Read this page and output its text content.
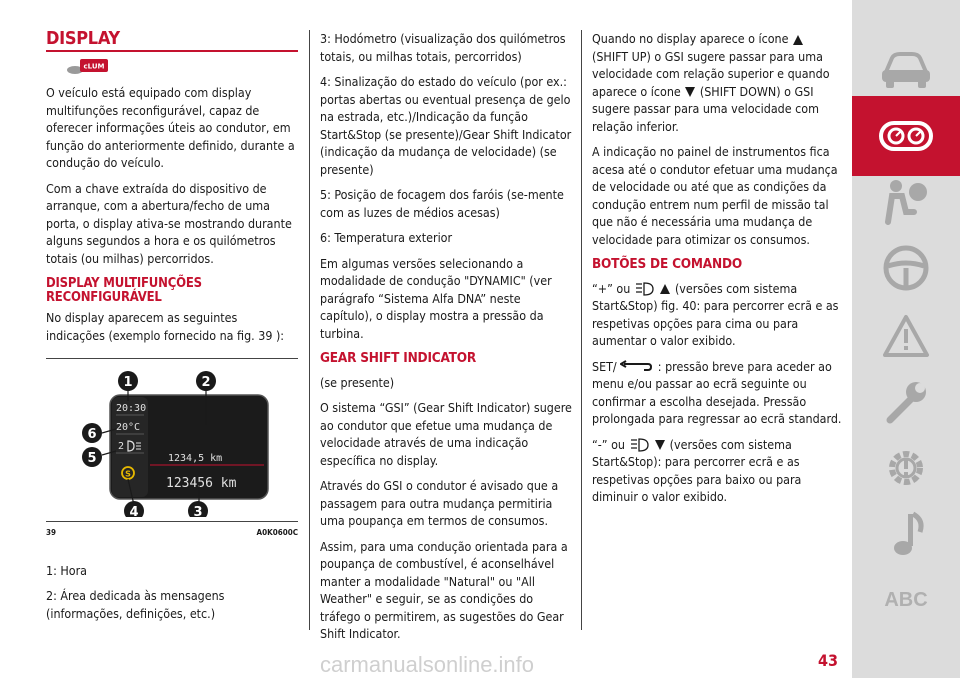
DISPLAY
cLUM

O veículo está equipado com display multifunções reconfigurável, capaz de oferecer informações úteis ao condutor, em função do anteriormente definido, durante a condução do veículo.

Com a chave extraída do dispositivo de arranque, com a abertura/fecho de uma porta, o display ativa-se mostrando durante alguns segundos a hora e os quilómetros totais (ou milhas) percorridos.

DISPLAY MULTIFUNÇÕES RECONFIGURÁVEL

No display aparecem as seguintes indicações (exemplo fornecido na fig. 39 ):

20:30
20°C
2
S
1234,5 km
123456 km
1	2
3
4
5
6
39	A0K0600C

1: Hora

2: Área dedicada às mensagens (informações, definições, etc.)

3: Hodómetro (visualização dos quilómetros totais, ou milhas totais, percorridos)

4: Sinalização do estado do veículo (por ex.: portas abertas ou eventual presença de gelo na estrada, etc.)/Indicação da função Start&Stop (se presente)/Gear Shift Indicator (indicação da mudança de velocidade) (se presente)

5: Posição de focagem dos faróis (se-mente com as luzes de médios acesas)

6: Temperatura exterior

Em algumas versões selecionando a modalidade de condução "DYNAMIC" (ver parágrafo “Sistema Alfa DNA” neste capítulo), o display mostra a pressão da turbina.

GEAR SHIFT INDICATOR

(se presente)

O sistema “GSI” (Gear Shift Indicator) sugere ao condutor que efetue uma mudança de velocidade através de uma indicação específica no display.

Através do GSI o condutor é avisado que a passagem para outra mudança permitiria uma poupança em termos de consumos.

Assim, para uma condução orientada para a poupança de combustível, é aconselhável manter a modalidade "Natural" ou "All Weather" e seguir, se as condições do tráfego o permitirem, as sugestões do Gear Shift Indicator.

Quando no display aparece o ícone  (SHIFT UP) o GSI sugere passar para uma velocidade com relação superior e quando aparece o ícone (SHIFT DOWN) o GSI sugere passar para uma velocidade com relação inferior.

A indicação no painel de instrumentos fica acesa até o condutor efetuar uma mudança de velocidade ou até que as condições da condução entrem num perfil de missão tal que não é necessária uma mudança de velocidade para otimizar os consumos.

BOTÕES DE COMANDO

“+” ou	(versões com sistema Start&Stop) fig. 40: para percorrer ecrã e as respetivas opções para cima ou para aumentar o valor exibido.

SET/	: pressão breve para aceder ao menu e/ou passar ao ecrã seguinte ou confirmar a escolha desejada. Pressão prolongada para regressar ao ecrã standard.

“-” ou	(versões com sistema Start&Stop): para percorrer ecrã e as respetivas opções para baixo ou para diminuir o valor exibido.

ABC
carmanualsonline.info	43
